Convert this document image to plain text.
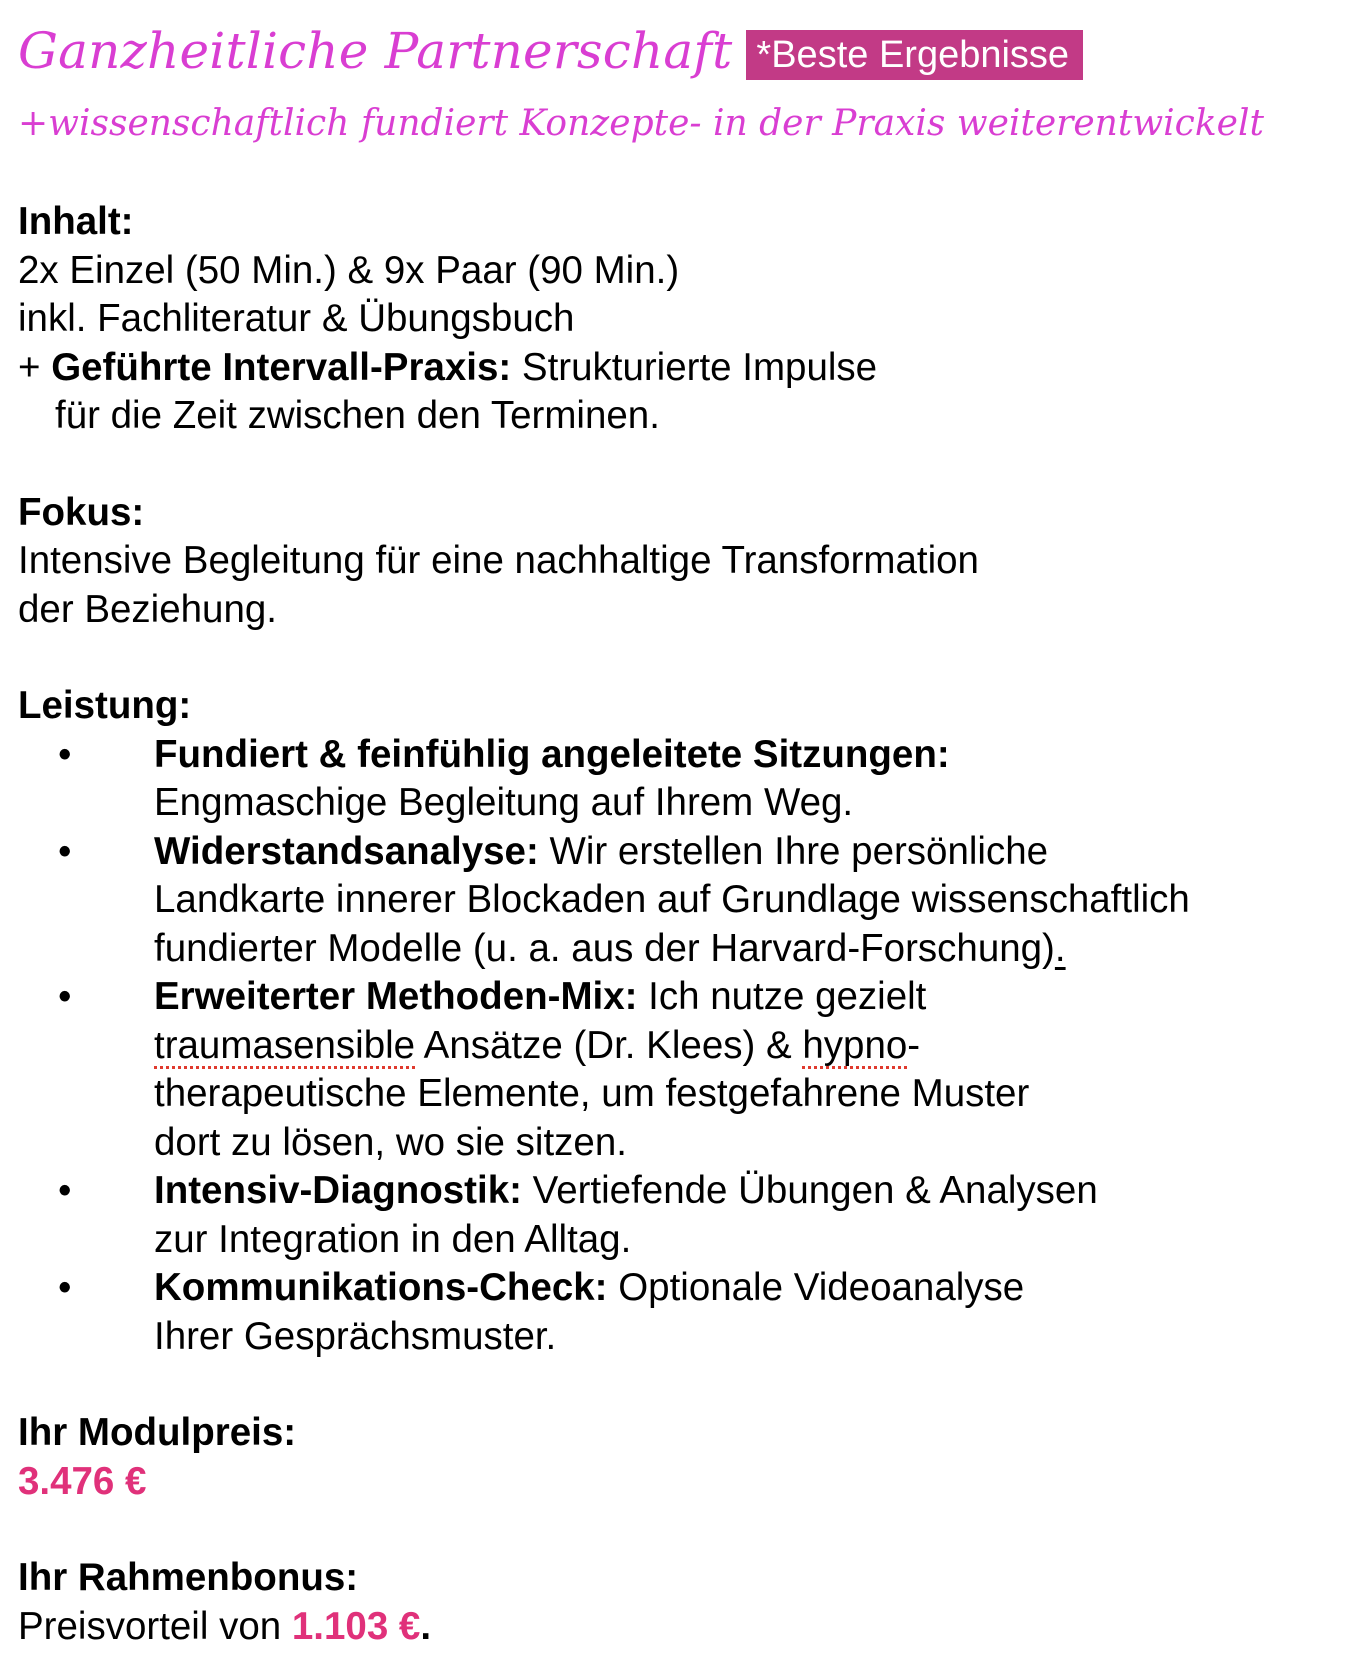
Ganzheitliche Partnerschaft *Beste Ergebnisse
+wissenschaftlich fundiert Konzepte- in der Praxis weiterentwickelt
Inhalt:
2x Einzel (50 Min.) & 9x Paar (90 Min.)
inkl. Fachliteratur & Übungsbuch
+ Geführte Intervall-Praxis: Strukturierte Impulse
für die Zeit zwischen den Terminen.
Fokus:
Intensive Begleitung für eine nachhaltige Transformation
der Beziehung.
Leistung:
• Fundiert & feinfühlig angeleitete Sitzungen:
Engmaschige Begleitung auf Ihrem Weg.
• Widerstandsanalyse: Wir erstellen Ihre persönliche
Landkarte innerer Blockaden auf Grundlage wissenschaftlich
fundierter Modelle (u. a. aus der Harvard-Forschung).
• Erweiterter Methoden-Mix: Ich nutze gezielt
traumasensible Ansätze (Dr. Klees) & hypno-
therapeutische Elemente, um festgefahrene Muster
dort zu lösen, wo sie sitzen.
• Intensiv-Diagnostik: Vertiefende Übungen & Analysen
zur Integration in den Alltag.
• Kommunikations-Check: Optionale Videoanalyse
Ihrer Gesprächsmuster.
Ihr Modulpreis:
3.476 €
Ihr Rahmenbonus:
Preisvorteil von 1.103 €.
